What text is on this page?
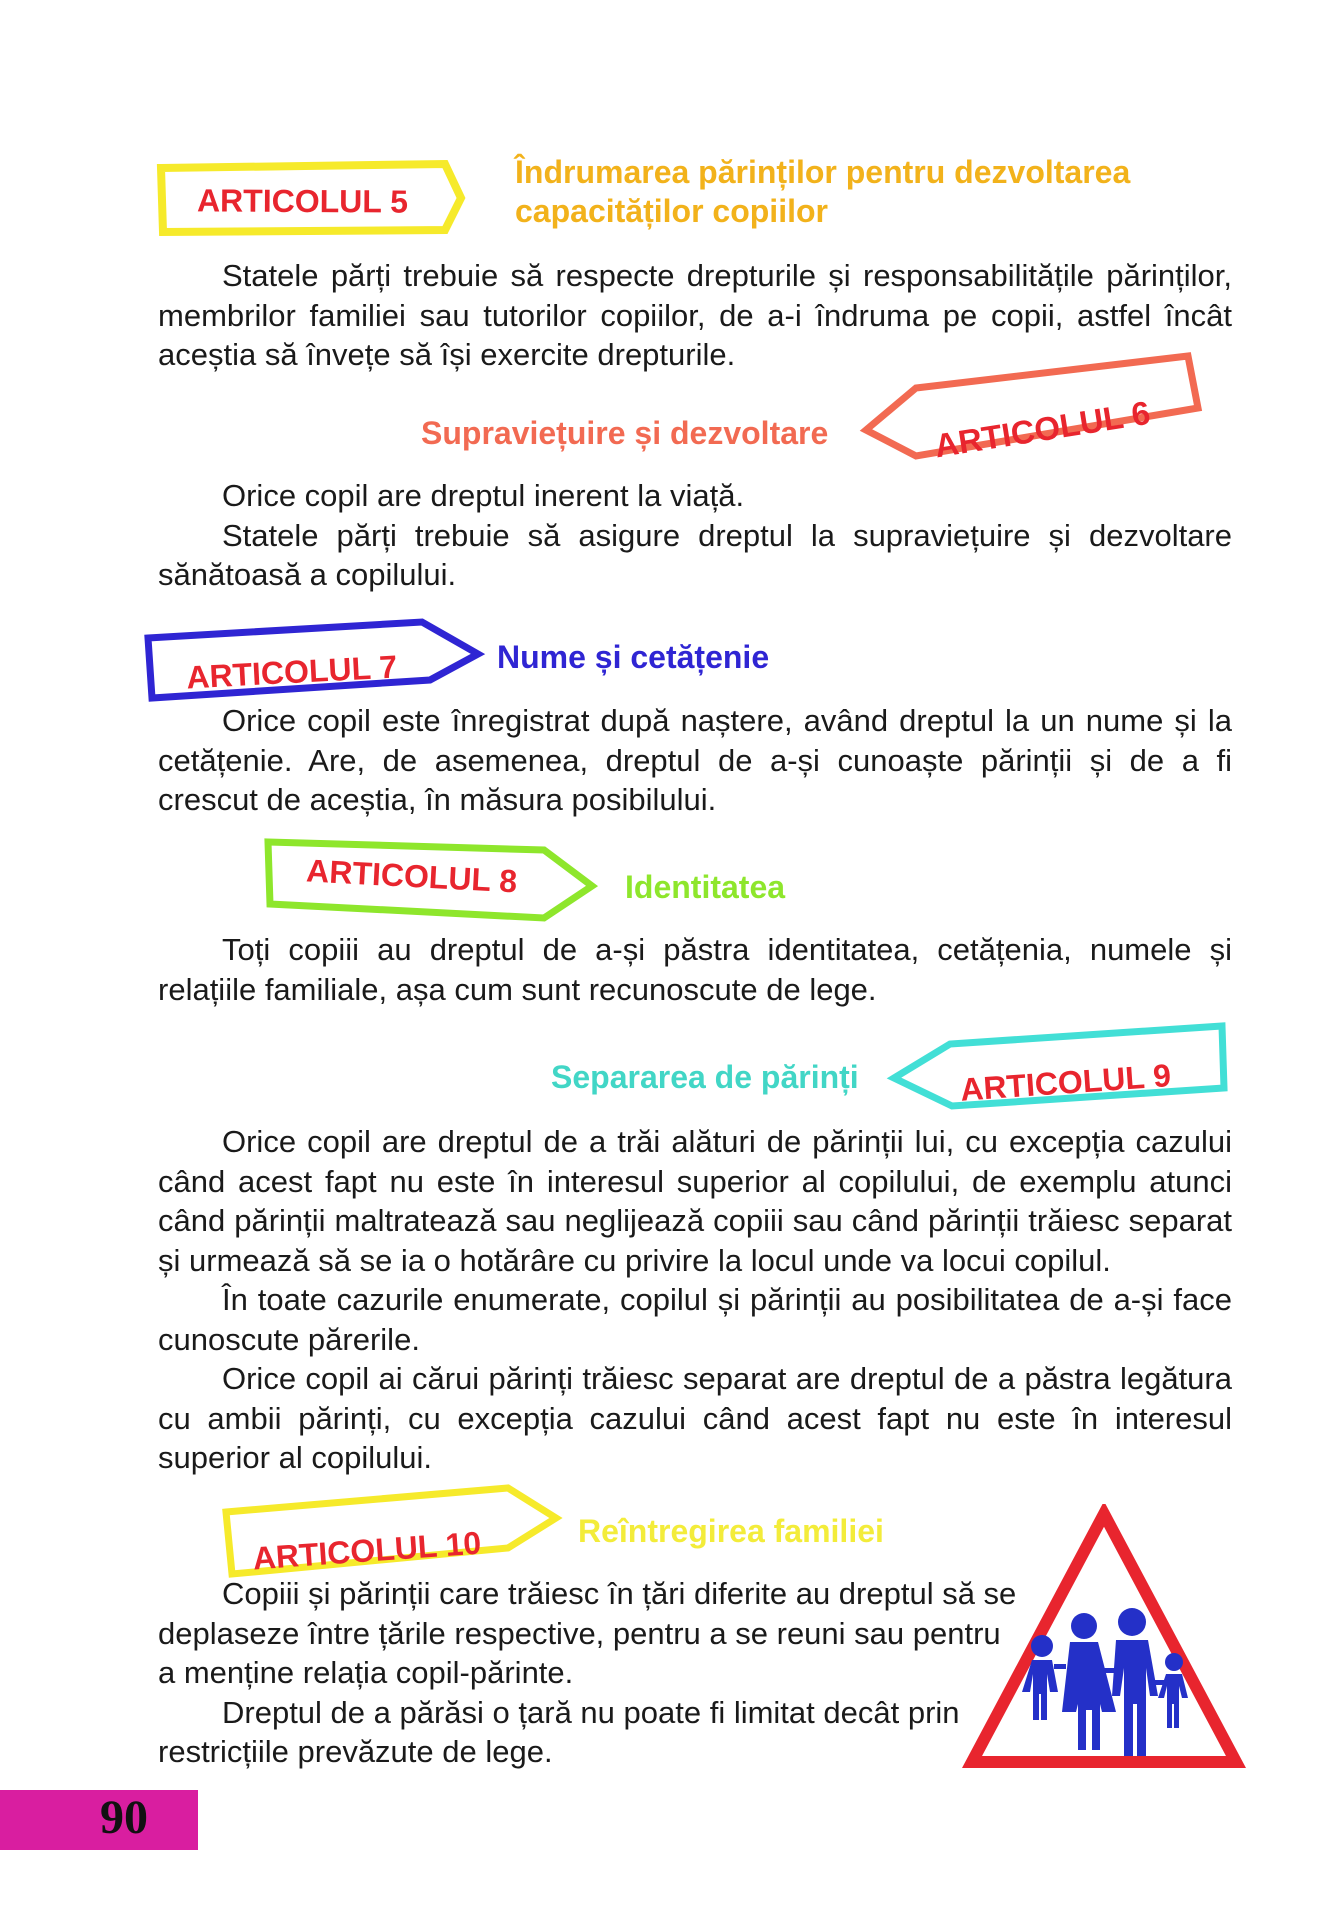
ARTICOLUL 5
Îndrumarea părinților pentru dezvoltarea
capacităților copiilor

Statele părți trebuie să respecte drepturile și responsabilitățile părinților, membrilor familiei sau tutorilor copiilor, de a-i îndruma pe copii, astfel încât aceștia să învețe să își exercite drepturile.

ARTICOLUL 6
Supraviețuire și dezvoltare

Orice copil are dreptul inerent la viață.

Statele părți trebuie să asigure dreptul la supraviețuire și dezvoltare sănătoasă a copilului.

ARTICOLUL 7	Nume și cetățenie

Orice copil este înregistrat după naștere, având dreptul la un nume și la cetățenie. Are, de asemenea, dreptul de a-și cunoaște părinții și de a fi crescut de aceștia, în măsura posibilului.

ARTICOLUL 8	Identitatea

Toți copiii au dreptul de a-și păstra identitatea, cetățenia, numele și relațiile familiale, așa cum sunt recunoscute de lege.

ARTICOLUL 9
Separarea de părinți

Orice copil are dreptul de a trăi alături de părinții lui, cu excepția cazului când acest fapt nu este în interesul superior al copilului, de exemplu atunci când părinții maltratează sau neglijează copiii sau când părinții trăiesc separat și urmează să se ia o hotărâre cu privire la locul unde va locui copilul.

În toate cazurile enumerate, copilul și părinții au posibilitatea de a-și face cunoscute părerile.

Orice copil ai cărui părinți trăiesc separat are dreptul de a păstra legătura cu ambii părinți, cu excepția cazului când acest fapt nu este în interesul superior al copilului.

ARTICOLUL 10	Reîntregirea familiei

Copiii și părinții care trăiesc în țări diferite au dreptul să se deplaseze între țările respective, pentru a se reuni sau pentru a menține relația copil-părinte.

Dreptul de a părăsi o țară nu poate fi limitat decât prin restricțiile prevăzute de lege.

90
